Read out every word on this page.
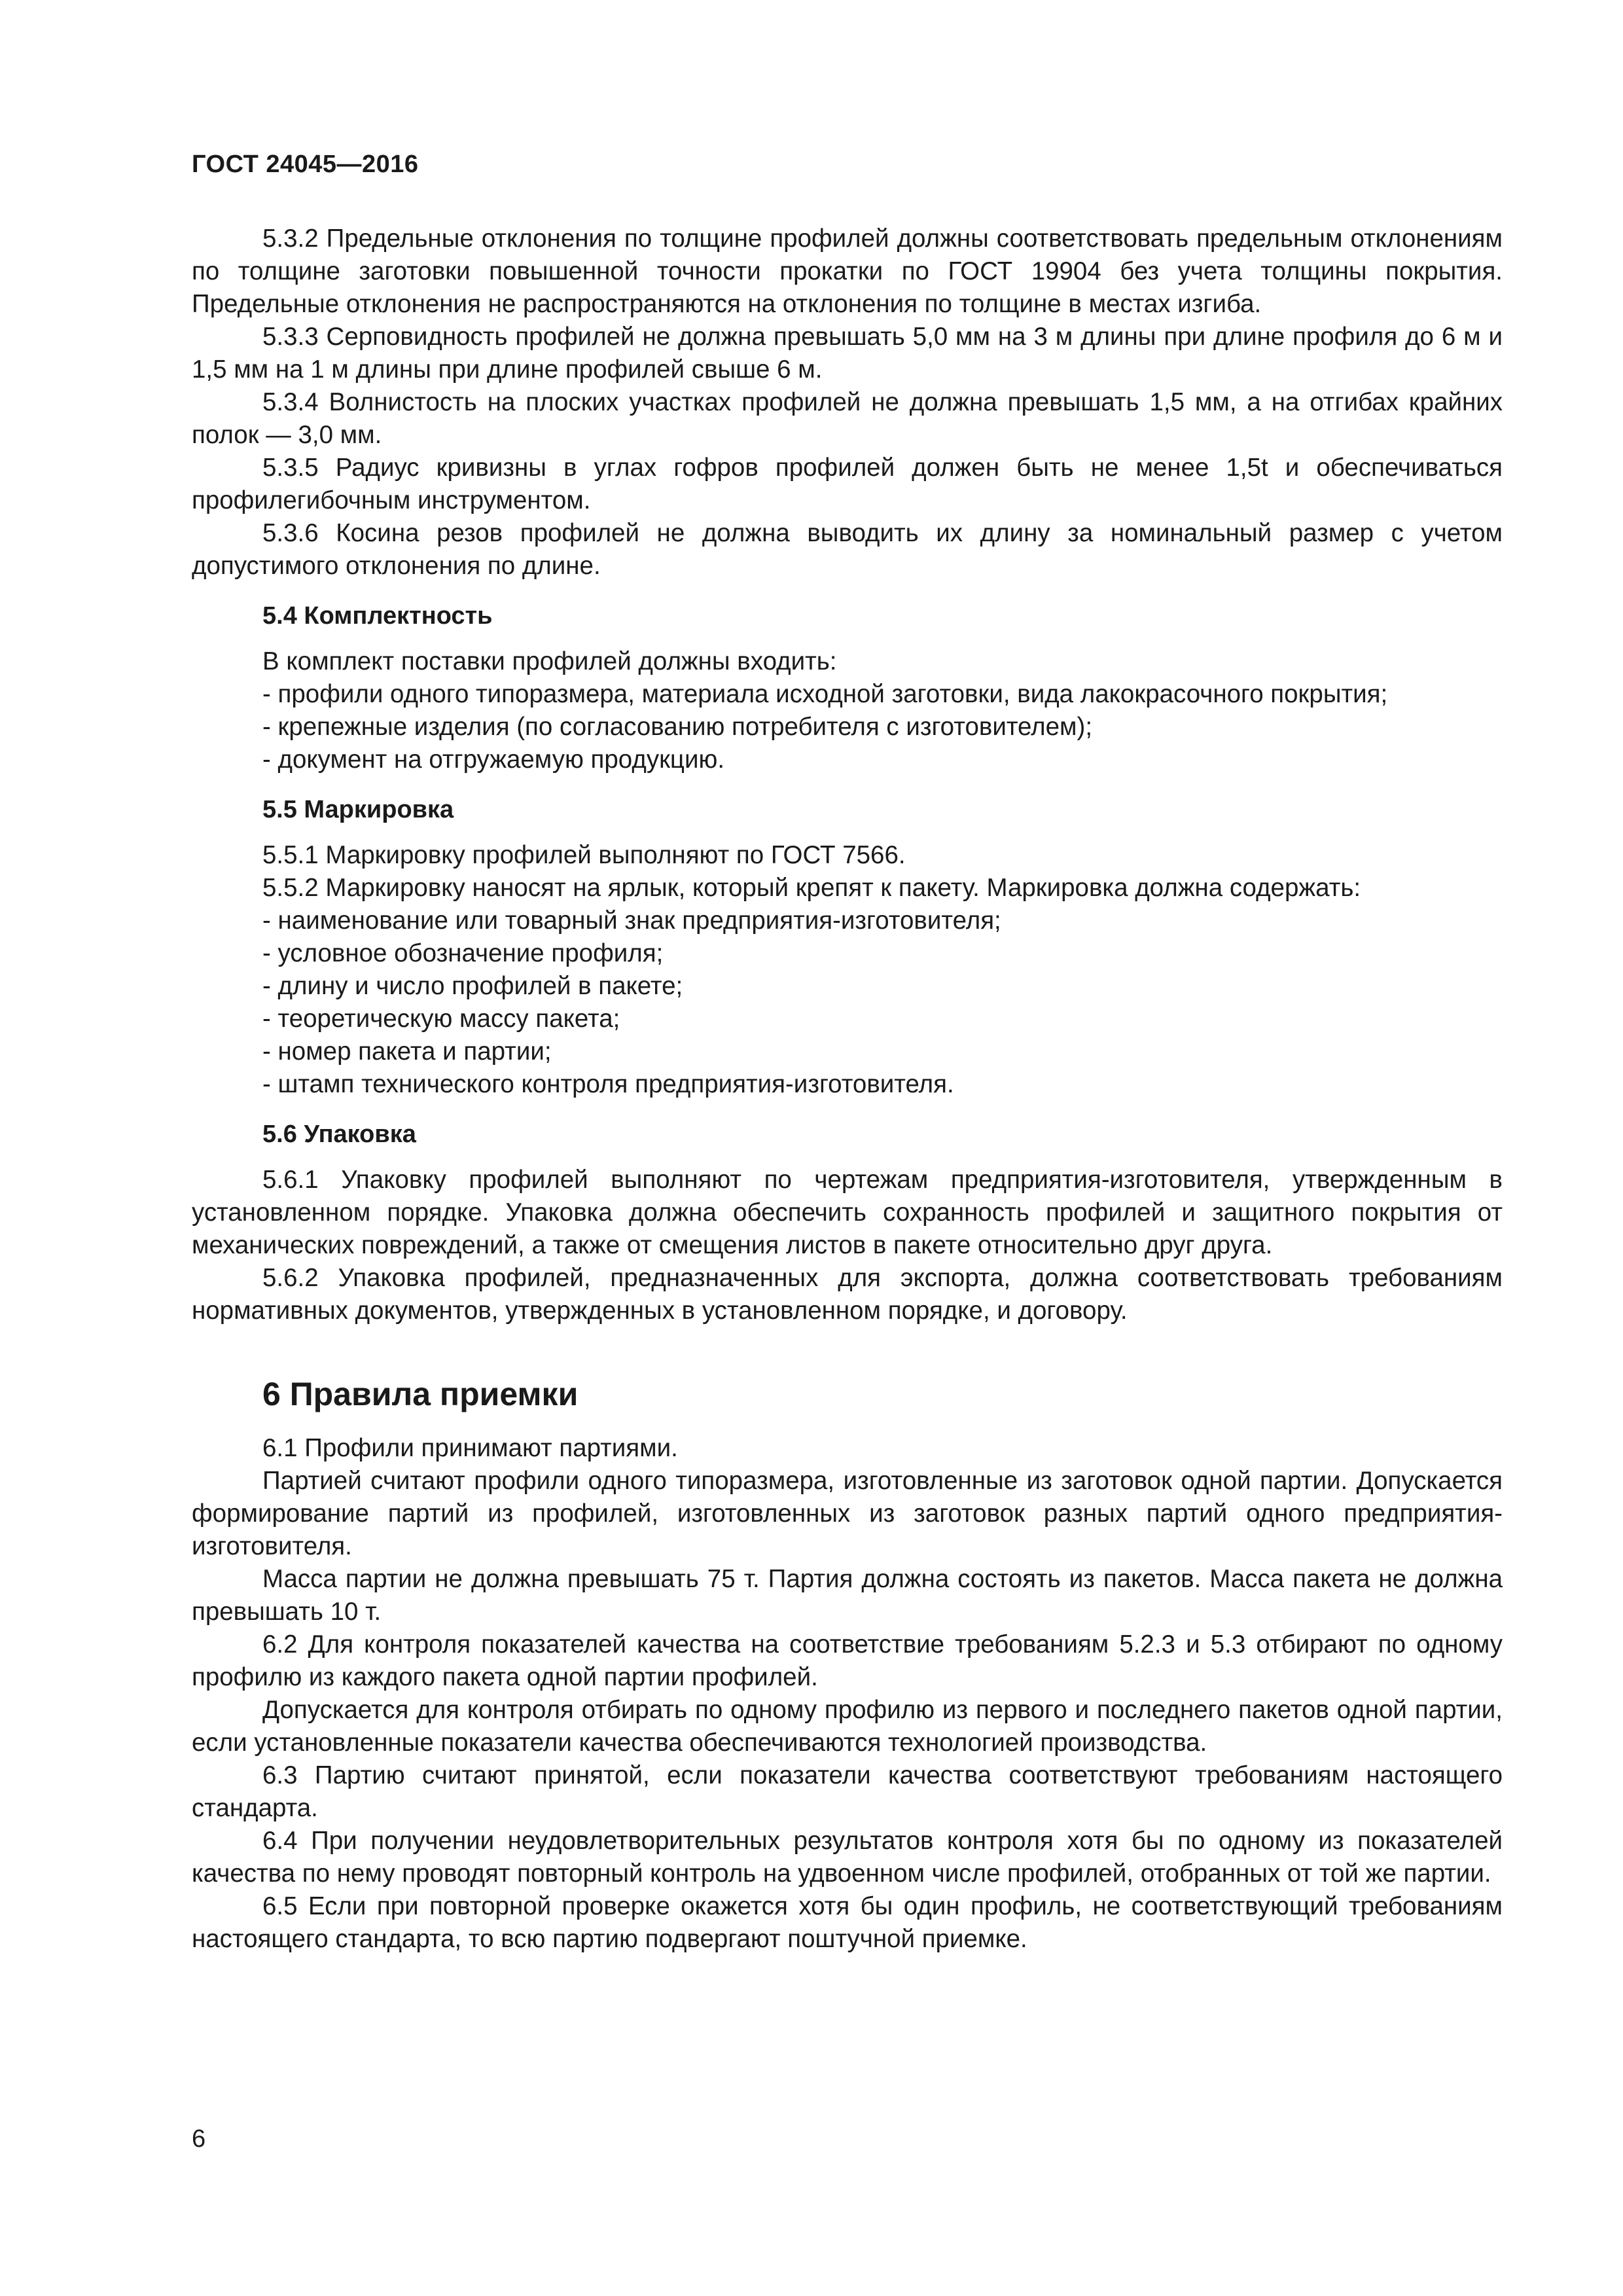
ГОСТ 24045—2016

5.3.2 Предельные отклонения по толщине профилей должны соответствовать предельным отклонениям по толщине заготовки повышенной точности прокатки по ГОСТ 19904 без учета толщины покрытия. Предельные отклонения не распространяются на отклонения по толщине в местах изгиба.

5.3.3 Серповидность профилей не должна превышать 5,0 мм на 3 м длины при длине профиля до 6 м и 1,5 мм на 1 м длины при длине профилей свыше 6 м.

5.3.4 Волнистость на плоских участках профилей не должна превышать 1,5 мм, а на отгибах крайних полок — 3,0 мм.

5.3.5 Радиус кривизны в углах гофров профилей должен быть не менее 1,5t и обеспечиваться профилегибочным инструментом.

5.3.6 Косина резов профилей не должна выводить их длину за номинальный размер с учетом допустимого отклонения по длине.

5.4 Комплектность

В комплект поставки профилей должны входить:

- профили одного типоразмера, материала исходной заготовки, вида лакокрасочного покрытия;

- крепежные изделия (по согласованию потребителя с изготовителем);

- документ на отгружаемую продукцию.

5.5 Маркировка

5.5.1 Маркировку профилей выполняют по ГОСТ 7566.

5.5.2 Маркировку наносят на ярлык, который крепят к пакету. Маркировка должна содержать:

- наименование или товарный знак предприятия-изготовителя;

- условное обозначение профиля;

- длину и число профилей в пакете;

- теоретическую массу пакета;

- номер пакета и партии;

- штамп технического контроля предприятия-изготовителя.

5.6 Упаковка

5.6.1 Упаковку профилей выполняют по чертежам предприятия-изготовителя, утвержденным в установленном порядке. Упаковка должна обеспечить сохранность профилей и защитного покрытия от механических повреждений, а также от смещения листов в пакете относительно друг друга.

5.6.2 Упаковка профилей, предназначенных для экспорта, должна соответствовать требованиям нормативных документов, утвержденных в установленном порядке, и договору.

6 Правила приемки

6.1 Профили принимают партиями.

Партией считают профили одного типоразмера, изготовленные из заготовок одной партии. Допускается формирование партий из профилей, изготовленных из заготовок разных партий одного предприятия-изготовителя.

Масса партии не должна превышать 75 т. Партия должна состоять из пакетов. Масса пакета не должна превышать 10 т.

6.2 Для контроля показателей качества на соответствие требованиям 5.2.3 и 5.3 отбирают по одному профилю из каждого пакета одной партии профилей.

Допускается для контроля отбирать по одному профилю из первого и последнего пакетов одной партии, если установленные показатели качества обеспечиваются технологией производства.

6.3 Партию считают принятой, если показатели качества соответствуют требованиям настоящего стандарта.

6.4 При получении неудовлетворительных результатов контроля хотя бы по одному из показателей качества по нему проводят повторный контроль на удвоенном числе профилей, отобранных от той же партии.

6.5 Если при повторной проверке окажется хотя бы один профиль, не соответствующий требованиям настоящего стандарта, то всю партию подвергают поштучной приемке.

6
